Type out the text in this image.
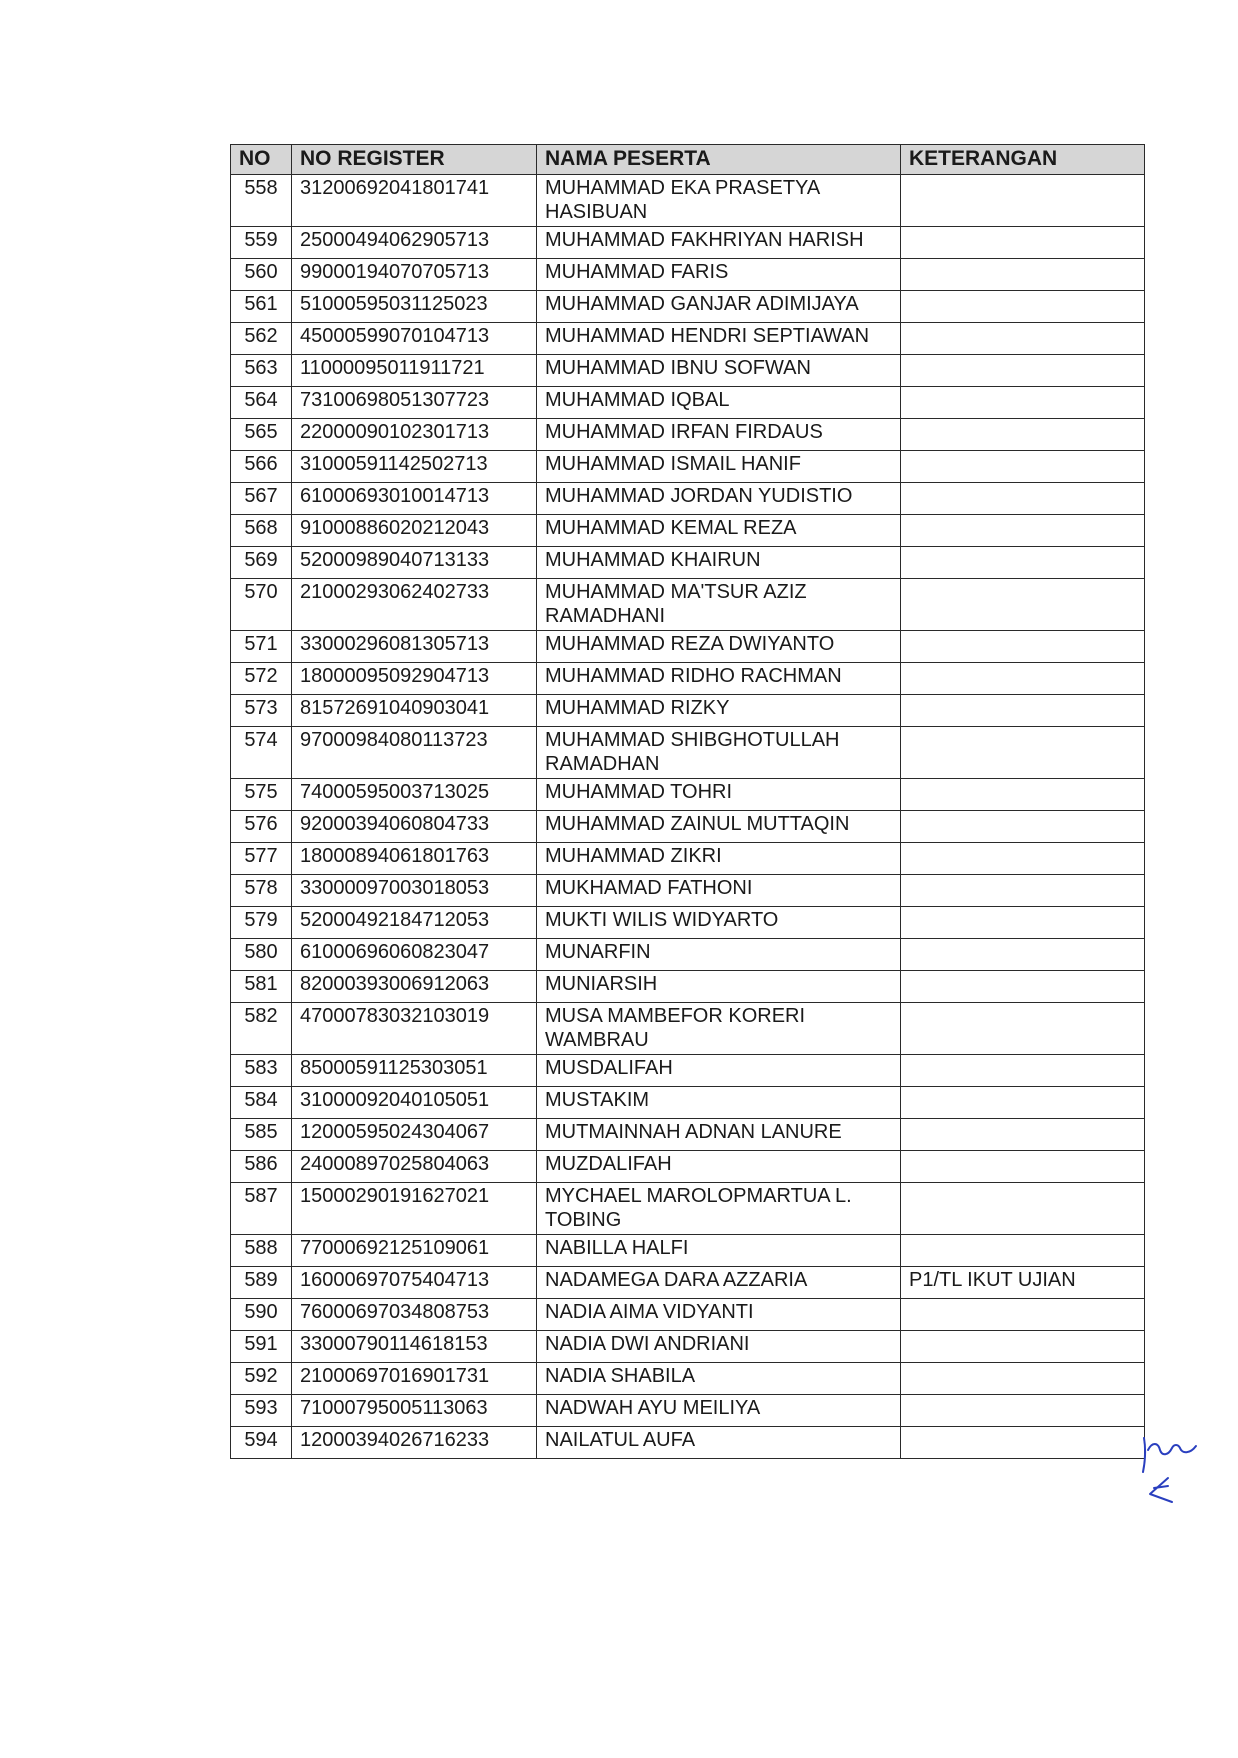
NO	NO REGISTER	NAMA PESERTA	KETERANGAN
558	31200692041801741	MUHAMMAD EKA PRASETYA HASIBUAN	
559	25000494062905713	MUHAMMAD FAKHRIYAN HARISH	
560	99000194070705713	MUHAMMAD FARIS	
561	51000595031125023	MUHAMMAD GANJAR ADIMIJAYA	
562	45000599070104713	MUHAMMAD HENDRI SEPTIAWAN	
563	11000095011911721	MUHAMMAD IBNU SOFWAN	
564	73100698051307723	MUHAMMAD IQBAL	
565	22000090102301713	MUHAMMAD IRFAN FIRDAUS	
566	31000591142502713	MUHAMMAD ISMAIL HANIF	
567	61000693010014713	MUHAMMAD JORDAN YUDISTIO	
568	91000886020212043	MUHAMMAD KEMAL REZA	
569	52000989040713133	MUHAMMAD KHAIRUN	
570	21000293062402733	MUHAMMAD MA'TSUR AZIZ RAMADHANI	
571	33000296081305713	MUHAMMAD REZA DWIYANTO	
572	18000095092904713	MUHAMMAD RIDHO RACHMAN	
573	81572691040903041	MUHAMMAD RIZKY	
574	97000984080113723	MUHAMMAD SHIBGHOTULLAH RAMADHAN	
575	74000595003713025	MUHAMMAD TOHRI	
576	92000394060804733	MUHAMMAD ZAINUL MUTTAQIN	
577	18000894061801763	MUHAMMAD ZIKRI	
578	33000097003018053	MUKHAMAD FATHONI	
579	52000492184712053	MUKTI WILIS WIDYARTO	
580	61000696060823047	MUNARFIN	
581	82000393006912063	MUNIARSIH	
582	47000783032103019	MUSA MAMBEFOR KORERI WAMBRAU	
583	85000591125303051	MUSDALIFAH	
584	31000092040105051	MUSTAKIM	
585	12000595024304067	MUTMAINNAH ADNAN LANURE	
586	24000897025804063	MUZDALIFAH	
587	15000290191627021	MYCHAEL MAROLOPMARTUA L. TOBING	
588	77000692125109061	NABILLA HALFI	
589	16000697075404713	NADAMEGA DARA AZZARIA	P1/TL IKUT UJIAN
590	76000697034808753	NADIA AIMA VIDYANTI	
591	33000790114618153	NADIA DWI ANDRIANI	
592	21000697016901731	NADIA SHABILA	
593	71000795005113063	NADWAH AYU MEILIYA	
594	12000394026716233	NAILATUL AUFA	
